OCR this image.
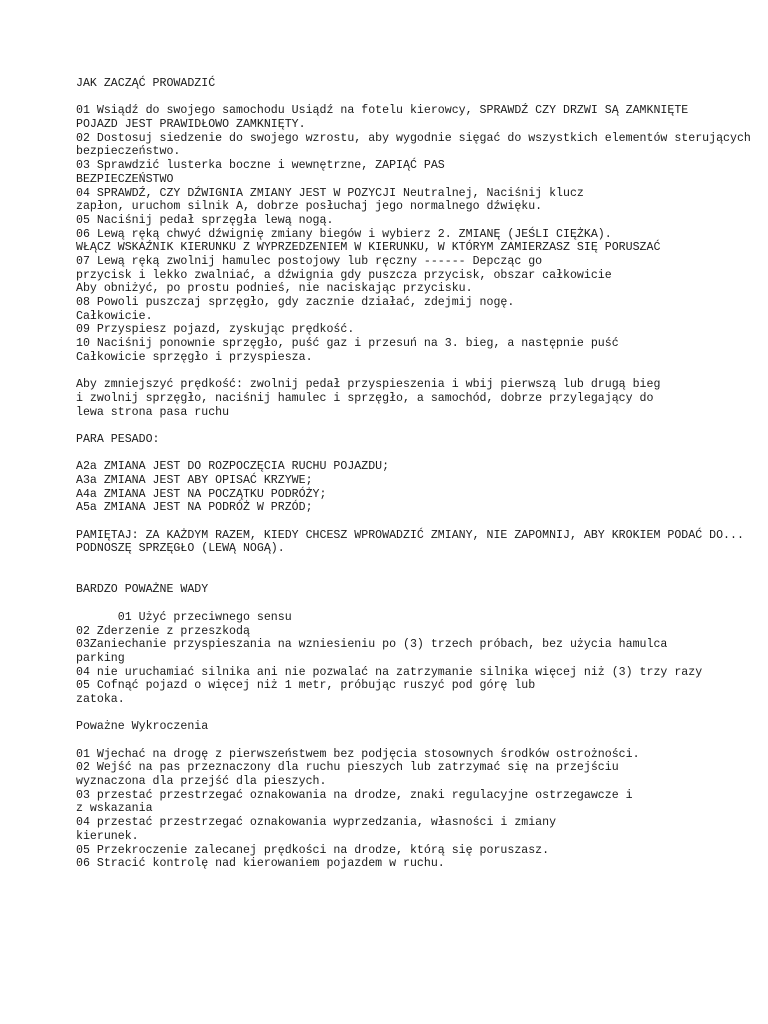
JAK ZACZĄĆ PROWADZIĆ
01 Wsiądź do swojego samochodu Usiądź na fotelu kierowcy, SPRAWDŹ CZY DRZWI SĄ ZAMKNIĘTE
POJAZD JEST PRAWIDŁOWO ZAMKNIĘTY.
02 Dostosuj siedzenie do swojego wzrostu, aby wygodnie sięgać do wszystkich elementów sterujących
bezpieczeństwo.
03 Sprawdzić lusterka boczne i wewnętrzne, ZAPIĄĆ PAS
BEZPIECZEŃSTWO
04 SPRAWDŹ, CZY DŹWIGNIA ZMIANY JEST W POZYCJI Neutralnej, Naciśnij klucz
zapłon, uruchom silnik A, dobrze posłuchaj jego normalnego dźwięku.
05 Naciśnij pedał sprzęgła lewą nogą.
06 Lewą ręką chwyć dźwignię zmiany biegów i wybierz 2. ZMIANĘ (JEŚLI CIĘŻKA).
WŁĄCZ WSKAŹNIK KIERUNKU Z WYPRZEDZENIEM W KIERUNKU, W KTÓRYM ZAMIERZASZ SIĘ PORUSZAĆ
07 Lewą ręką zwolnij hamulec postojowy lub ręczny ------ Depcząc go
przycisk i lekko zwalniać, a dźwignia gdy puszcza przycisk, obszar całkowicie
Aby obniżyć, po prostu podnieś, nie naciskając przycisku.
08 Powoli puszczaj sprzęgło, gdy zacznie działać, zdejmij nogę.
Całkowicie.
09 Przyspiesz pojazd, zyskując prędkość.
10 Naciśnij ponownie sprzęgło, puść gaz i przesuń na 3. bieg, a następnie puść
Całkowicie sprzęgło i przyspiesza.
Aby zmniejszyć prędkość: zwolnij pedał przyspieszenia i wbij pierwszą lub drugą bieg
i zwolnij sprzęgło, naciśnij hamulec i sprzęgło, a samochód, dobrze przylegający do
lewa strona pasa ruchu
PARA PESADO:
A2a ZMIANA JEST DO ROZPOCZĘCIA RUCHU POJAZDU;
A3a ZMIANA JEST ABY OPISAĆ KRZYWE;
A4a ZMIANA JEST NA POCZĄTKU PODRÓŻY;
A5a ZMIANA JEST NA PODRÓŻ W PRZÓD;
PAMIĘTAJ: ZA KAŻDYM RAZEM, KIEDY CHCESZ WPROWADZIĆ ZMIANY, NIE ZAPOMNIJ, ABY KROKIEM PODAĆ DO...
PODNOSZĘ SPRZĘGŁO (LEWĄ NOGĄ).
BARDZO POWAŻNE WADY
01 Użyć przeciwnego sensu
02 Zderzenie z przeszkodą
03Zaniechanie przyspieszania na wzniesieniu po (3) trzech próbach, bez użycia hamulca
parking
04 nie uruchamiać silnika ani nie pozwalać na zatrzymanie silnika więcej niż (3) trzy razy
05 Cofnąć pojazd o więcej niż 1 metr, próbując ruszyć pod górę lub
zatoka.
Poważne Wykroczenia
01 Wjechać na drogę z pierwszeństwem bez podjęcia stosownych środków ostrożności.
02 Wejść na pas przeznaczony dla ruchu pieszych lub zatrzymać się na przejściu
wyznaczona dla przejść dla pieszych.
03 przestać przestrzegać oznakowania na drodze, znaki regulacyjne ostrzegawcze i
z wskazania
04 przestać przestrzegać oznakowania wyprzedzania, własności i zmiany
kierunek.
05 Przekroczenie zalecanej prędkości na drodze, którą się poruszasz.
06 Stracić kontrolę nad kierowaniem pojazdem w ruchu.
